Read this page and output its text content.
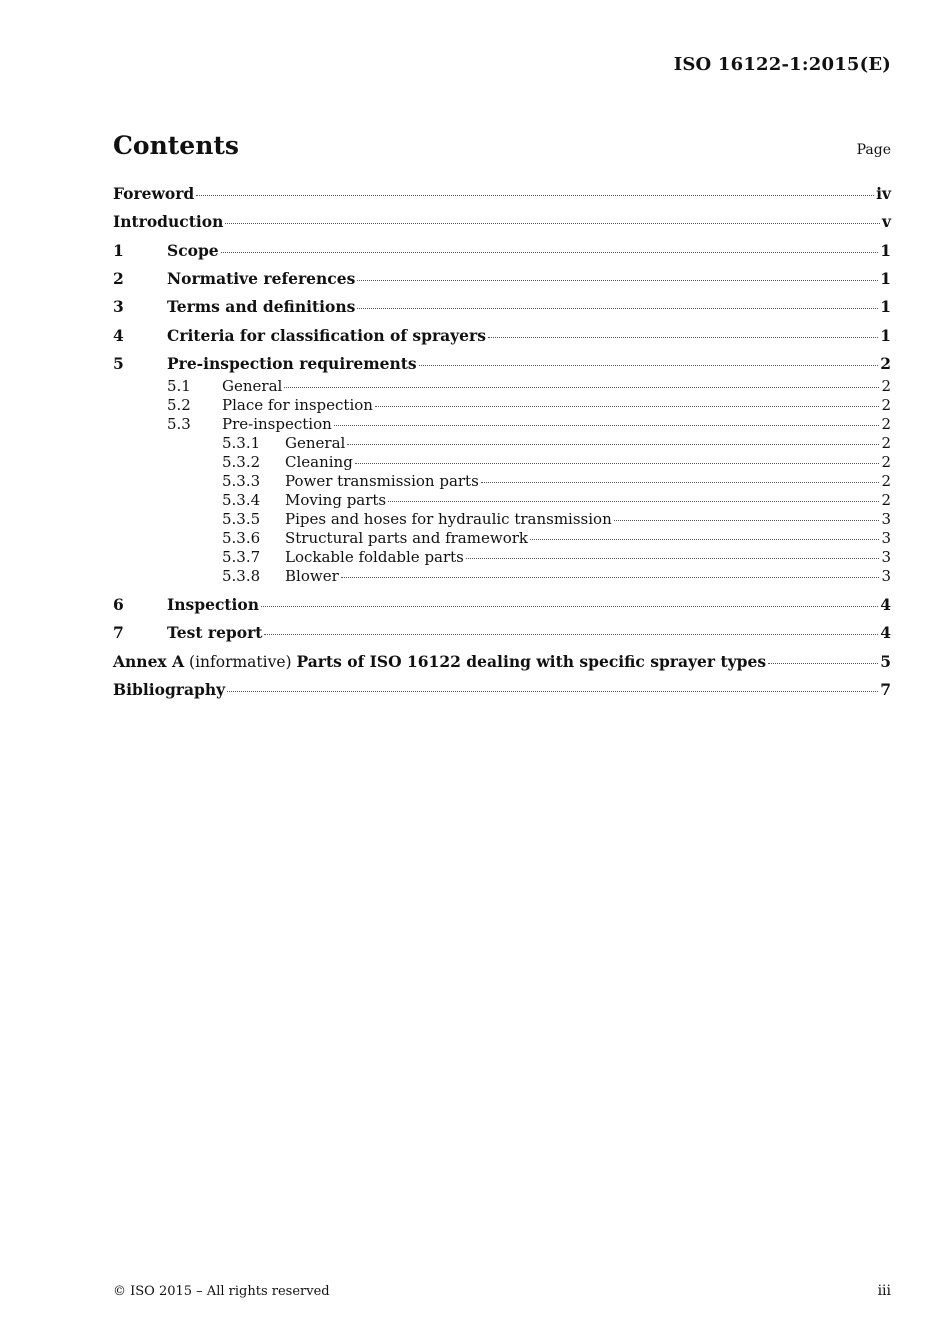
ISO 16122-1:2015(E)
Contents	Page
Foreword	iv
Introduction	v
1	Scope	1
2	Normative references	1
3	Terms and definitions	1
4	Criteria for classification of sprayers	1
5	Pre-inspection requirements	2
5.1	General	2
5.2	Place for inspection	2
5.3	Pre-inspection	2
5.3.1	General	2
5.3.2	Cleaning	2
5.3.3	Power transmission parts	2
5.3.4	Moving parts	2
5.3.5	Pipes and hoses for hydraulic transmission	3
5.3.6	Structural parts and framework	3
5.3.7	Lockable foldable parts	3
5.3.8	Blower	3
6	Inspection	4
7	Test report	4
Annex A (informative) Parts of ISO 16122 dealing with specific sprayer types	5
Bibliography	7
© ISO 2015 – All rights reserved	iii
